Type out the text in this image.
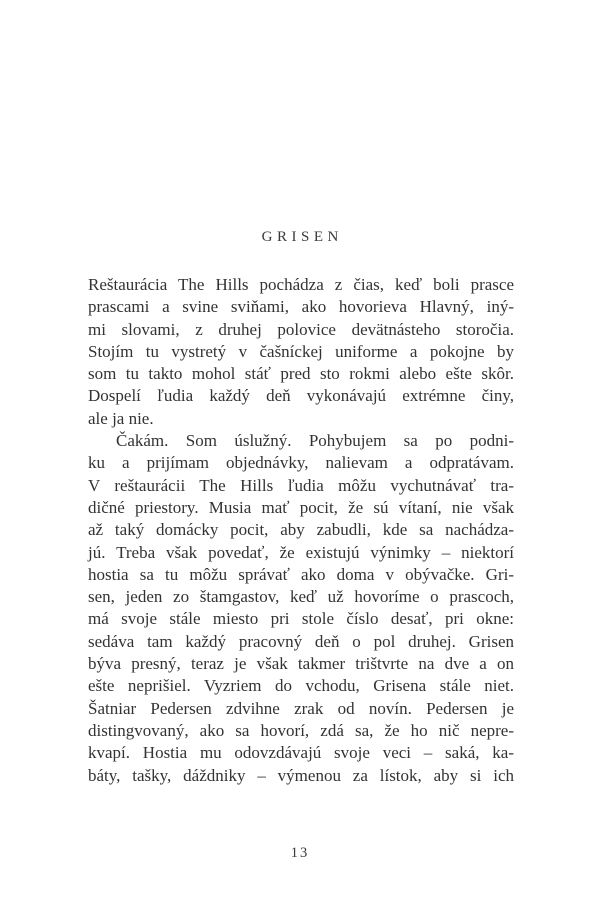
GRISEN
Reštaurácia The Hills pochádza z čias, keď boli prasce
prascami a svine sviňami, ako hovorieva Hlavný, iný-
mi slovami, z druhej polovice devätnásteho storočia.
Stojím tu vystretý v čašníckej uniforme a pokojne by
som tu takto mohol stáť pred sto rokmi alebo ešte skôr.
Dospelí ľudia každý deň vykonávajú extrémne činy,
ale ja nie.
Čakám. Som úslužný. Pohybujem sa po podni-
ku a prijímam objednávky, nalievam a odpratávam.
V reštaurácii The Hills ľudia môžu vychutnávať tra-
dičné priestory. Musia mať pocit, že sú vítaní, nie však
až taký domácky pocit, aby zabudli, kde sa nachádza-
jú. Treba však povedať, že existujú výnimky – niektorí
hostia sa tu môžu správať ako doma v obývačke. Gri-
sen, jeden zo štamgastov, keď už hovoríme o prascoch,
má svoje stále miesto pri stole číslo desať, pri okne:
sedáva tam každý pracovný deň o pol druhej. Grisen
býva presný, teraz je však takmer trištvrte na dve a on
ešte neprišiel. Vyzriem do vchodu, Grisena stále niet.
Šatniar Pedersen zdvihne zrak od novín. Pedersen je
distingvovaný, ako sa hovorí, zdá sa, že ho nič nepre-
kvapí. Hostia mu odovzdávajú svoje veci – saká, ka-
báty, tašky, dáždniky – výmenou za lístok, aby si ich
13
